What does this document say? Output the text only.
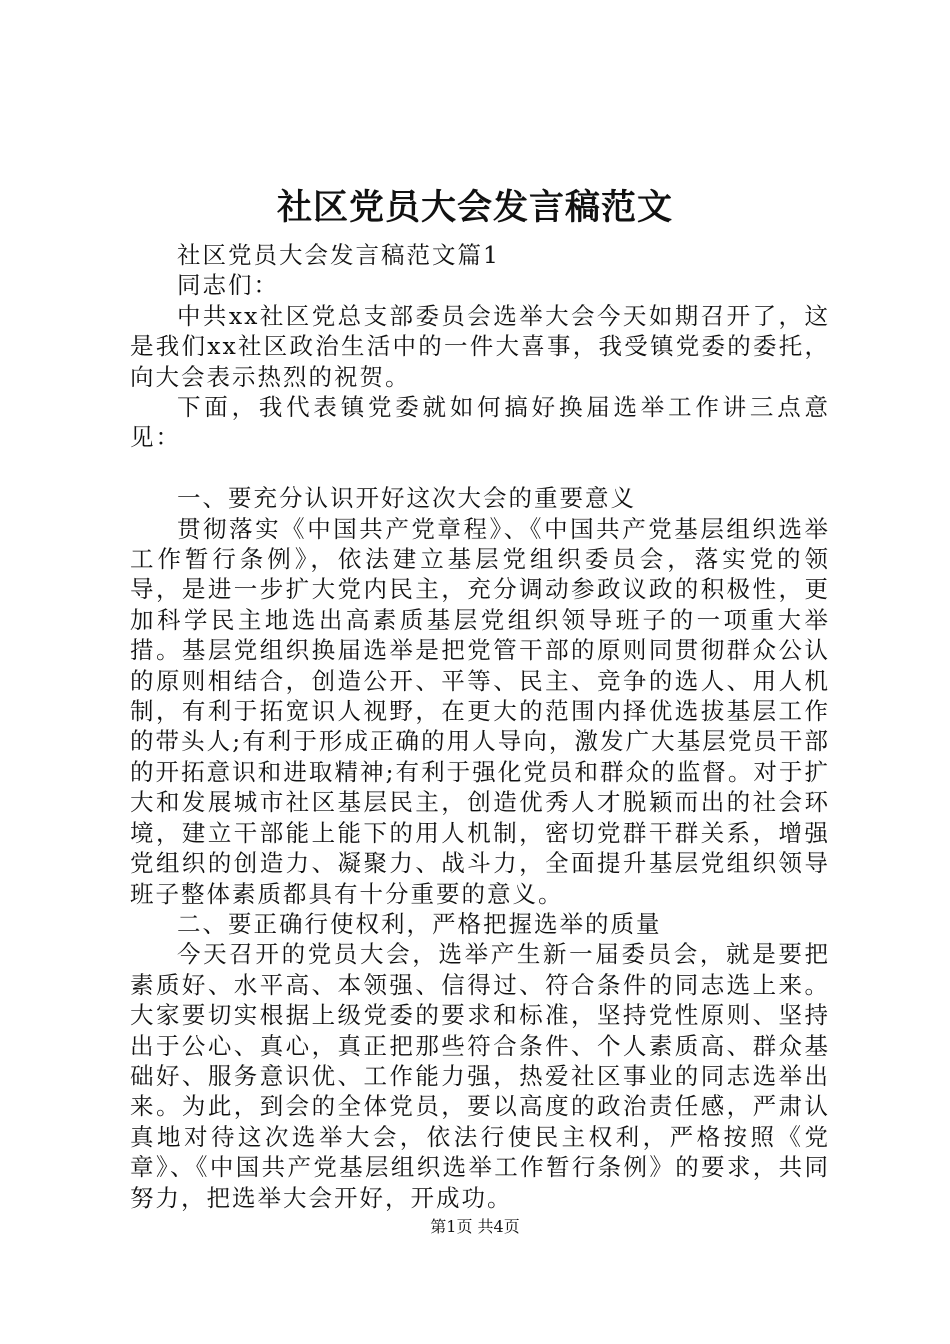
社区党员大会发言稿范文

社区党员大会发言稿范文篇1

同志们：

中共xx社区党总支部委员会选举大会今天如期召开了，这是我们xx社区政治生活中的一件大喜事，我受镇党委的委托，向大会表示热烈的祝贺。

下面，我代表镇党委就如何搞好换届选举工作讲三点意见：

一、要充分认识开好这次大会的重要意义

贯彻落实《中国共产党章程》、《中国共产党基层组织选举工作暂行条例》，依法建立基层党组织委员会，落实党的领导，是进一步扩大党内民主，充分调动参政议政的积极性，更加科学民主地选出高素质基层党组织领导班子的一项重大举措。基层党组织换届选举是把党管干部的原则同贯彻群众公认的原则相结合，创造公开、平等、民主、竞争的选人、用人机制，有利于拓宽识人视野，在更大的范围内择优选拔基层工作的带头人;有利于形成正确的用人导向，激发广大基层党员干部的开拓意识和进取精神;有利于强化党员和群众的监督。对于扩大和发展城市社区基层民主，创造优秀人才脱颖而出的社会环境，建立干部能上能下的用人机制，密切党群干群关系，增强党组织的创造力、凝聚力、战斗力，全面提升基层党组织领导班子整体素质都具有十分重要的意义。

二、要正确行使权利，严格把握选举的质量

今天召开的党员大会，选举产生新一届委员会，就是要把素质好、水平高、本领强、信得过、符合条件的同志选上来。大家要切实根据上级党委的要求和标准，坚持党性原则、坚持出于公心、真心，真正把那些符合条件、个人素质高、群众基础好、服务意识优、工作能力强，热爱社区事业的同志选举出来。为此，到会的全体党员，要以高度的政治责任感，严肃认真地对待这次选举大会，依法行使民主权利，严格按照《党章》、《中国共产党基层组织选举工作暂行条例》的要求，共同努力，把选举大会开好，开成功。

第1页 共4页
